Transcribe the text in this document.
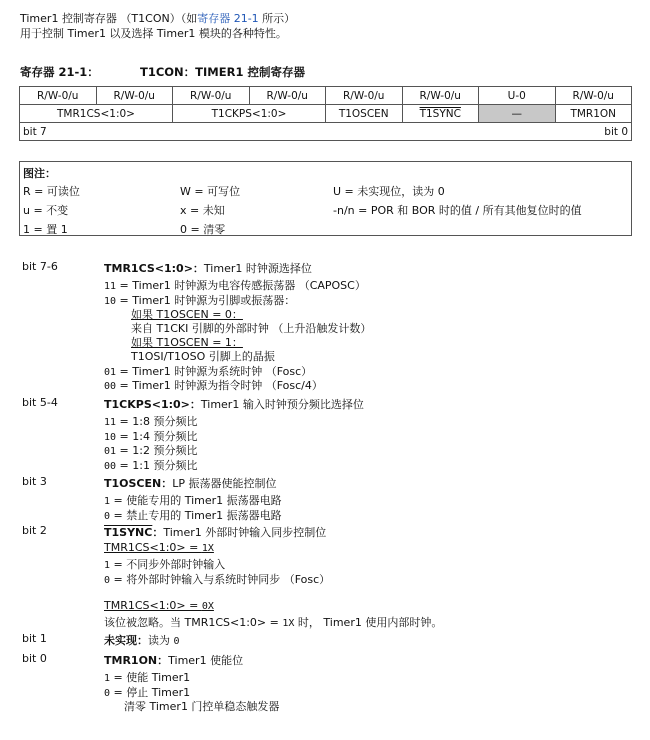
Timer1 控制寄存器 （T1CON）（如寄存器 21-1 所示）
用于控制 Timer1 以及选择 Timer1 模块的各种特性。
寄存器 21-1：	T1CON：TIMER1 控制寄存器
R/W-0/u	R/W-0/u	R/W-0/u	R/W-0/u	R/W-0/u	R/W-0/u	U-0	R/W-0/u
TMR1CS<1:0>		T1CKPS<1:0>		T1OSCEN	T1SYNC	—	TMR1ON
bit 7				bit 0			
图注：
R = 可读位	W = 可写位	U = 未实现位，读为 0
u = 不变	x = 未知	-n/n = POR 和 BOR 时的值 / 所有其他复位时的值
1 = 置 1	0 = 清零
bit 7-6	TMR1CS<1:0>：Timer1 时钟源选择位
11 = Timer1 时钟源为电容传感振荡器 （CAPOSC）
10 = Timer1 时钟源为引脚或振荡器：
如果 T1OSCEN = 0：
来自 T1CKI 引脚的外部时钟 （上升沿触发计数）
如果 T1OSCEN = 1：
T1OSI/T1OSO 引脚上的晶振
01 = Timer1 时钟源为系统时钟 （Fosc）
00 = Timer1 时钟源为指令时钟 （Fosc/4）
bit 5-4	T1CKPS<1:0>：Timer1 输入时钟预分频比选择位
11 = 1:8 预分频比
10 = 1:4 预分频比
01 = 1:2 预分频比
00 = 1:1 预分频比
bit 3	T1OSCEN：LP 振荡器使能控制位
1 = 使能专用的 Timer1 振荡器电路
0 = 禁止专用的 Timer1 振荡器电路
bit 2	T1SYNC：Timer1 外部时钟输入同步控制位
TMR1CS<1:0> = 1X
1 = 不同步外部时钟输入
0 = 将外部时钟输入与系统时钟同步 （Fosc）
TMR1CS<1:0> = 0X
该位被忽略。当 TMR1CS<1:0> = 1X 时， Timer1 使用内部时钟。
bit 1	未实现：读为 0
bit 0	TMR1ON：Timer1 使能位
1 = 使能 Timer1
0 = 停止 Timer1
清零 Timer1 门控单稳态触发器
